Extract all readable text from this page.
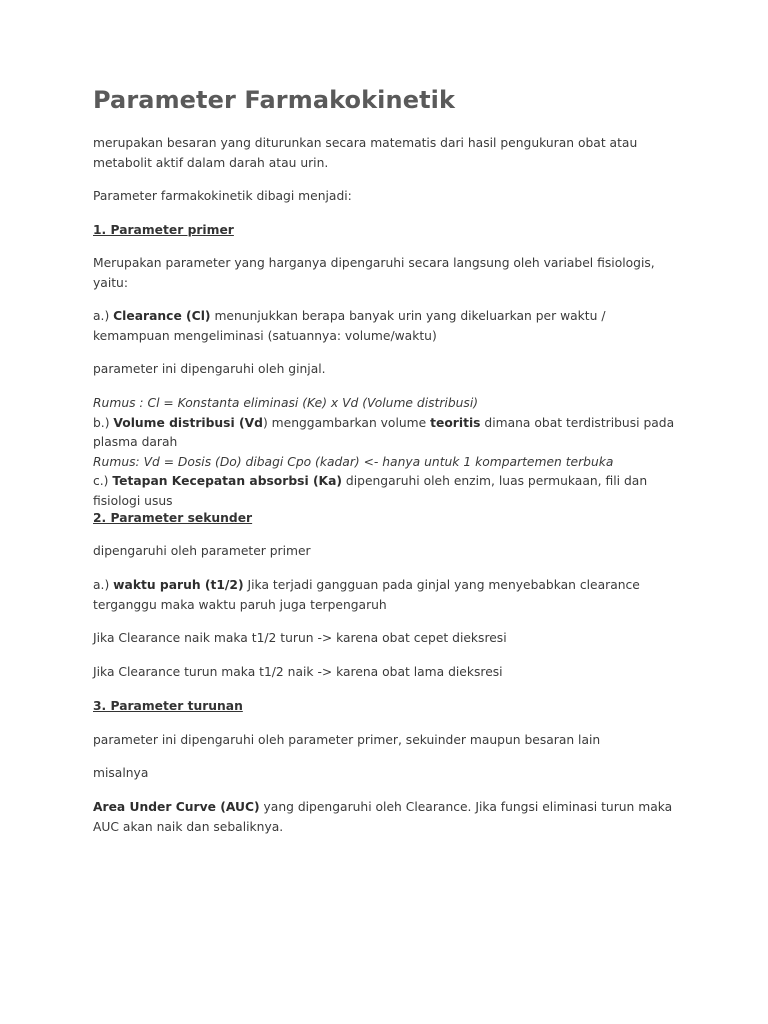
Parameter Farmakokinetik

merupakan besaran yang diturunkan secara matematis dari hasil pengukuran obat atau metabolit aktif dalam darah atau urin.

Parameter farmakokinetik dibagi menjadi:

1. Parameter primer

Merupakan parameter yang harganya dipengaruhi secara langsung oleh variabel fisiologis, yaitu:

a.) Clearance (Cl) menunjukkan berapa banyak urin yang dikeluarkan per waktu / kemampuan mengeliminasi (satuannya: volume/waktu)

parameter ini dipengaruhi oleh ginjal.

Rumus : Cl = Konstanta eliminasi (Ke) x Vd (Volume distribusi)
b.) Volume distribusi (Vd) menggambarkan volume teoritis dimana obat terdistribusi pada plasma darah
Rumus: Vd = Dosis (Do) dibagi Cpo (kadar) <- hanya untuk 1 kompartemen terbuka
c.) Tetapan Kecepatan absorbsi (Ka) dipengaruhi oleh enzim, luas permukaan, fili dan fisiologi usus

2. Parameter sekunder

dipengaruhi oleh parameter primer

a.) waktu paruh (t1/2) Jika terjadi gangguan pada ginjal yang menyebabkan clearance terganggu maka waktu paruh juga terpengaruh

Jika Clearance naik maka t1/2 turun -> karena obat cepet dieksresi

Jika Clearance turun maka t1/2 naik -> karena obat lama dieksresi

3. Parameter turunan

parameter ini dipengaruhi oleh parameter primer, sekuinder maupun besaran lain

misalnya

Area Under Curve (AUC) yang dipengaruhi oleh Clearance. Jika fungsi eliminasi turun maka AUC akan naik dan sebaliknya.
